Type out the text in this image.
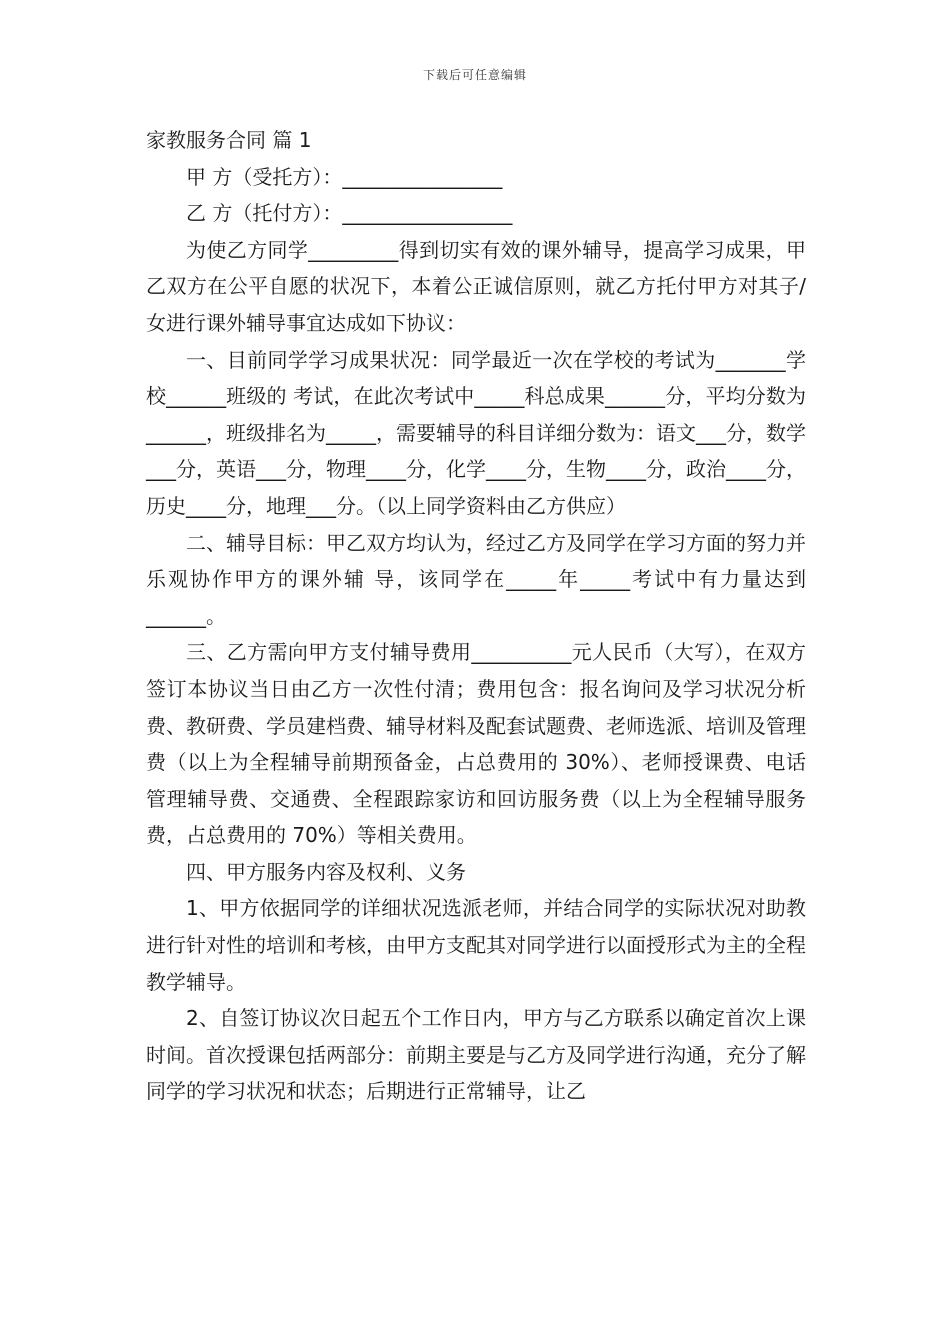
下载后可任意编辑
家教服务合同 篇 1

甲 方（受托方）：________________

乙 方（托付方）：_________________

为使乙方同学_________得到切实有效的课外辅导，提高学习成果，甲乙双方在公平自愿的状况下，本着公正诚信原则，就乙方托付甲方对其子/女进行课外辅导事宜达成如下协议：

一、目前同学学习成果状况：同学最近一次在学校的考试为_______学校______班级的 考试，在此次考试中_____科总成果______分，平均分数为______，班级排名为_____，需要辅导的科目详细分数为：语文___分，数学___分，英语___分，物理____分，化学____分，生物____分，政治____分，历史____分，地理___分。（以上同学资料由乙方供应）

二、辅导目标：甲乙双方均认为，经过乙方及同学在学习方面的努力并乐观协作甲方的课外辅 导，该同学在_____年_____考试中有力量达到______。

三、乙方需向甲方支付辅导费用__________元人民币（大写），在双方签订本协议当日由乙方一次性付清；费用包含：报名询问及学习状况分析费、教研费、学员建档费、辅导材料及配套试题费、老师选派、培训及管理费（以上为全程辅导前期预备金，占总费用的 30%）、老师授课费、电话管理辅导费、交通费、全程跟踪家访和回访服务费（以上为全程辅导服务费，占总费用的 70%）等相关费用。

四、甲方服务内容及权利、义务

1、甲方依据同学的详细状况选派老师，并结合同学的实际状况对助教进行针对性的培训和考核，由甲方支配其对同学进行以面授形式为主的全程教学辅导。

2、自签订协议次日起五个工作日内，甲方与乙方联系以确定首次上课时间。首次授课包括两部分：前期主要是与乙方及同学进行沟通，充分了解同学的学习状况和状态；后期进行正常辅导，让乙
